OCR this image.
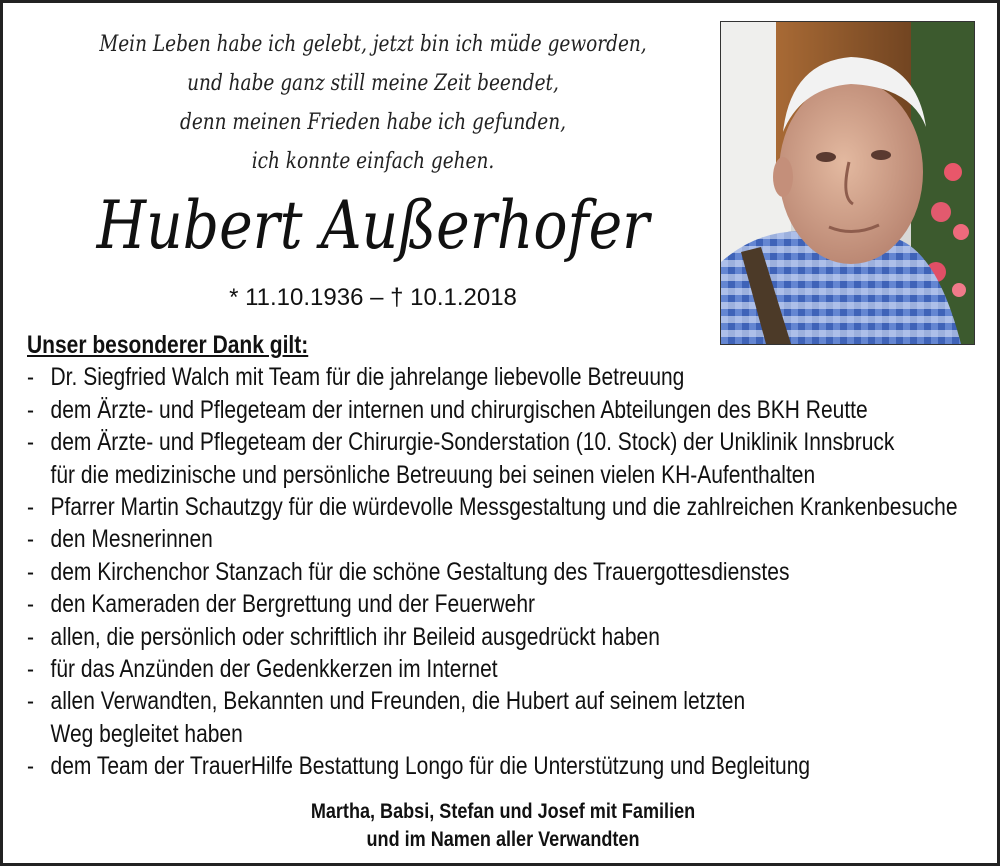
Mein Leben habe ich gelebt, jetzt bin ich müde geworden,
und habe ganz still meine Zeit beendet,
denn meinen Frieden habe ich gefunden,
ich konnte einfach gehen.
Hubert Außerhofer
* 11.10.1936 – † 10.1.2018
Unser besonderer Dank gilt:
- Dr. Siegfried Walch mit Team für die jahrelange liebevolle Betreuung
- dem Ärzte- und Pflegeteam der internen und chirurgischen Abteilungen des BKH Reutte
- dem Ärzte- und Pflegeteam der Chirurgie-Sonderstation (10. Stock) der Uniklinik Innsbruck
für die medizinische und persönliche Betreuung bei seinen vielen KH-Aufenthalten
- Pfarrer Martin Schautzgy für die würdevolle Messgestaltung und die zahlreichen Krankenbesuche
- den Mesnerinnen
- dem Kirchenchor Stanzach für die schöne Gestaltung des Trauergottesdienstes
- den Kameraden der Bergrettung und der Feuerwehr
- allen, die persönlich oder schriftlich ihr Beileid ausgedrückt haben
- für das Anzünden der Gedenkkerzen im Internet
- allen Verwandten, Bekannten und Freunden, die Hubert auf seinem letzten
Weg begleitet haben
- dem Team der TrauerHilfe Bestattung Longo für die Unterstützung und Begleitung
Martha, Babsi, Stefan und Josef mit Familien
und im Namen aller Verwandten
